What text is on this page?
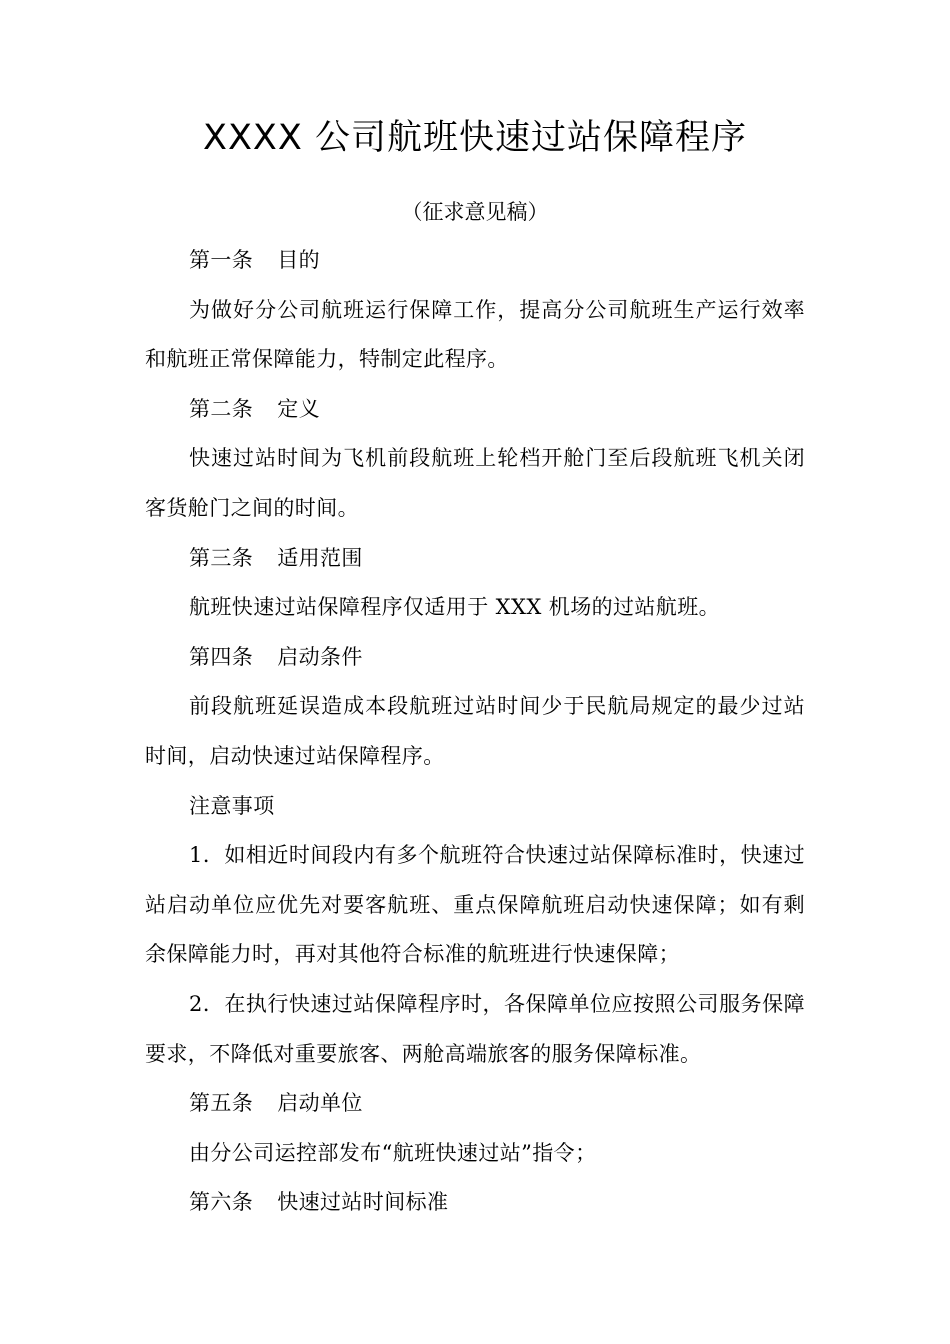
XXXX 公司航班快速过站保障程序
（征求意见稿）

第一条 目的

为做好分公司航班运行保障工作，提高分公司航班生产运行效率和航班正常保障能力，特制定此程序。

第二条 定义

快速过站时间为飞机前段航班上轮档开舱门至后段航班飞机关闭客货舱门之间的时间。

第三条 适用范围

航班快速过站保障程序仅适用于 XXX 机场的过站航班。

第四条 启动条件

前段航班延误造成本段航班过站时间少于民航局规定的最少过站时间，启动快速过站保障程序。

注意事项

1．如相近时间段内有多个航班符合快速过站保障标准时，快速过站启动单位应优先对要客航班、重点保障航班启动快速保障；如有剩余保障能力时，再对其他符合标准的航班进行快速保障；

2．在执行快速过站保障程序时，各保障单位应按照公司服务保障要求，不降低对重要旅客、两舱高端旅客的服务保障标准。

第五条 启动单位

由分公司运控部发布“航班快速过站”指令；

第六条 快速过站时间标准
